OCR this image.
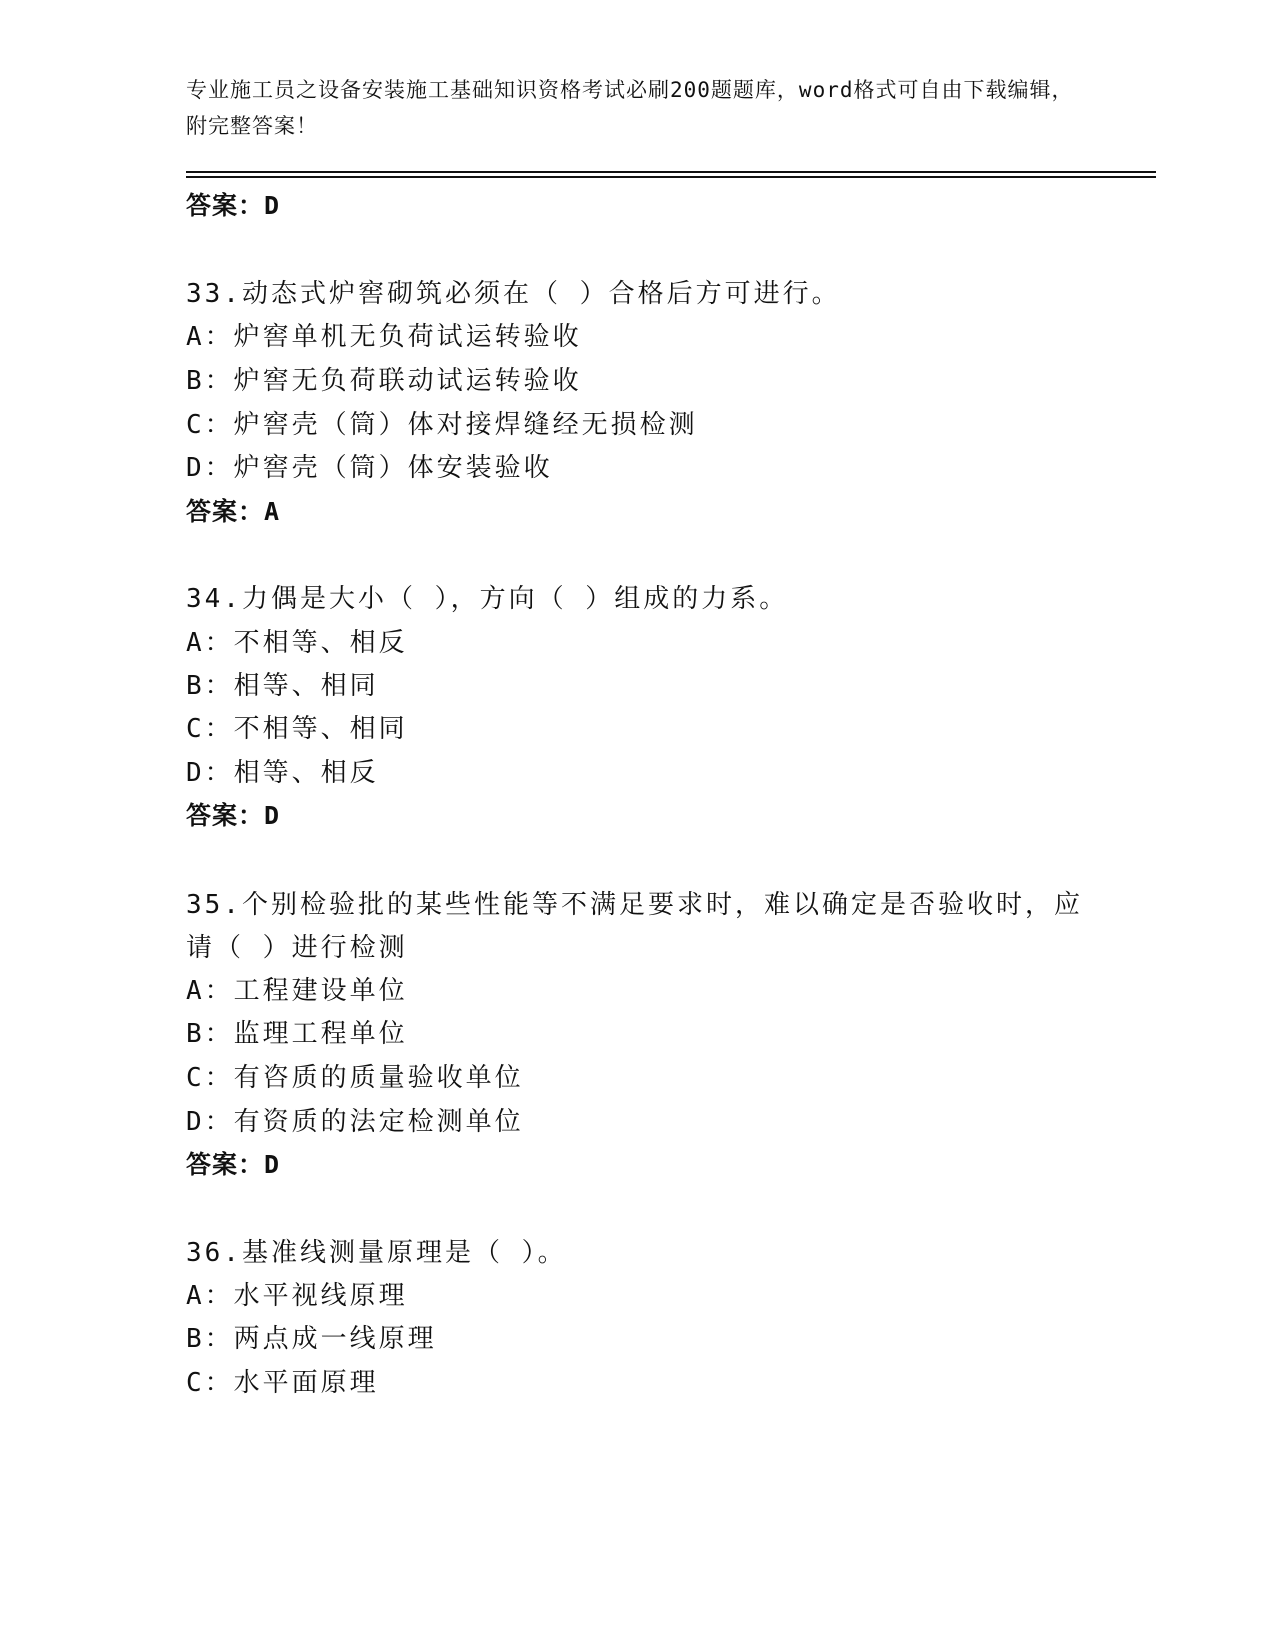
专业施工员之设备安装施工基础知识资格考试必刷200题题库，word格式可自由下载编辑，附完整答案！
答案：D
33.动态式炉窖砌筑必须在（ ）合格后方可进行。
A：炉窖单机无负荷试运转验收
B：炉窖无负荷联动试运转验收
C：炉窖壳（筒）体对接焊缝经无损检测
D：炉窖壳（筒）体安装验收
答案：A
34.力偶是大小（ ），方向（ ）组成的力系。
A：不相等、相反
B：相等、相同
C：不相等、相同
D：相等、相反
答案：D
35.个别检验批的某些性能等不满足要求时，难以确定是否验收时，应
请（ ）进行检测
A：工程建设单位
B：监理工程单位
C：有咨质的质量验收单位
D：有资质的法定检测单位
答案：D
36.基准线测量原理是（ ）。
A：水平视线原理
B：两点成一线原理
C：水平面原理
